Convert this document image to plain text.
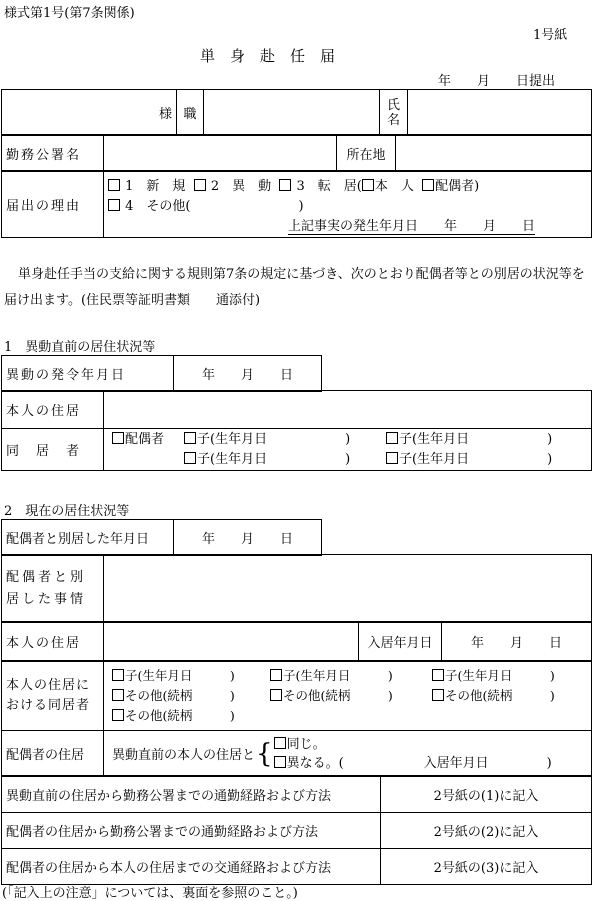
様式第1号(第7条関係)
1号紙
単　身　赴　任　届
年　　月　　日提出
様	職		氏名	
勤務公署名		所在地	
届出の理由	
1　新　規 2　異　動 3　転　居( 本　人 配偶者)
4　その他(	)
上記事実の発生年月日　　年　　月　　日
単身赴任手当の支給に関する規則第7条の規定に基づき、次のとおり配偶者等との別居の状況等を届け出ます。(住民票等証明書類　　通添付)
1　異動直前の居住状況等
異動の発令年月日	年　　月　　日
本人の住居	
同　居　者	配偶者 子(生年月日　　　　　　) 子(生年月日　　　　　　)
子(生年月日　　　　　　) 子(生年月日　　　　　　)
2　現在の居住状況等
配偶者と別居した年月日	年　　月　　日
配偶者と別居した事情	
本人の住居		入居年月日	年　　月　　日
本人の住居における同居者	子(生年月日　　　) 子(生年月日　　　) 子(生年月日　　　)
その他(続柄　　　) その他(続柄　　　) その他(続柄　　　)
その他(続柄　　　)

配偶者の住居	異動直前の本人の住居と { 同じ。
異なる。( 入居年月日 )
異動直前の住居から勤務公署までの通勤経路および方法	2号紙の(1)に記入
配偶者の住居から勤務公署までの通勤経路および方法	2号紙の(2)に記入
配偶者の住居から本人の住居までの交通経路および方法	2号紙の(3)に記入
(「記入上の注意」については、裏面を参照のこと。)
